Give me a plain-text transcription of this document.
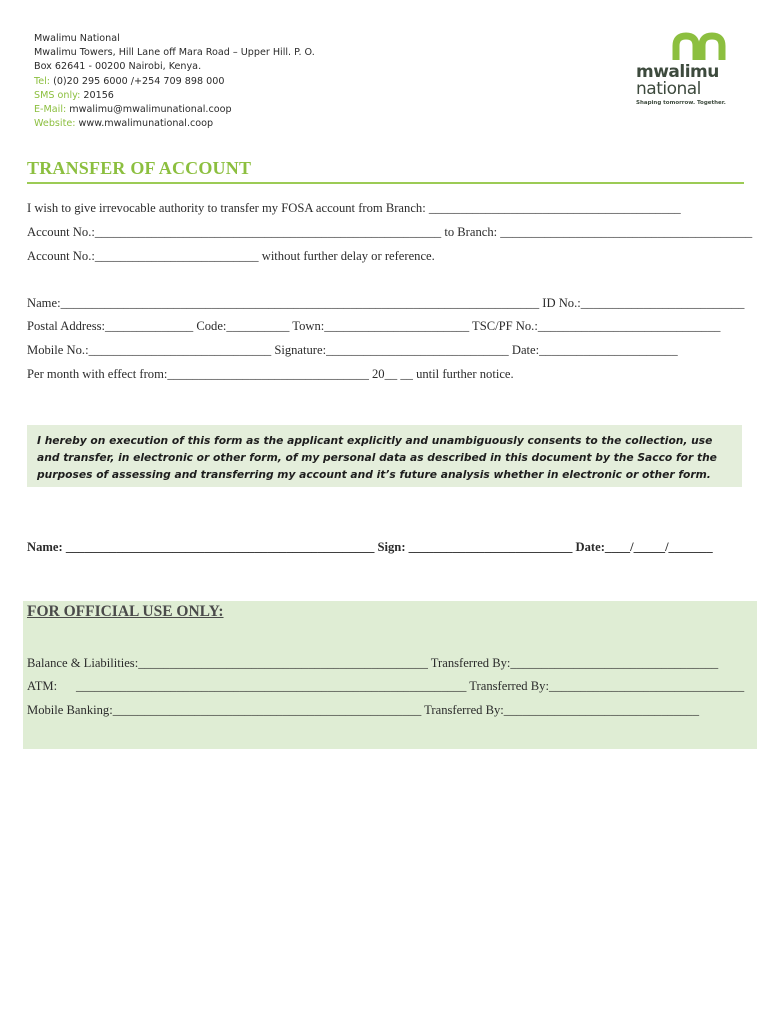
Mwalimu National
Mwalimu Towers, Hill Lane off Mara Road – Upper Hill. P. O.
Box 62641 - 00200 Nairobi, Kenya.
Tel: (0)20 295 6000 /+254 709 898 000
SMS only: 20156
E-Mail: mwalimu@mwalimunational.coop
Website: www.mwalimunational.coop
mwalimu
national
Shaping tomorrow. Together.
TRANSFER OF ACCOUNT
I wish to give irrevocable authority to transfer my FOSA account from Branch: ________________________________________
Account No.:_______________________________________________________ to Branch: ________________________________________
Account No.:__________________________ without further delay or reference.
Name:____________________________________________________________________________ ID No.:__________________________
Postal Address:______________ Code:__________ Town:_______________________ TSC/PF No.:_____________________________
Mobile No.:_____________________________ Signature:_____________________________ Date:______________________
Per month with effect from:________________________________ 20__ __ until further notice.

I hereby on execution of this form as the applicant explicitly and unambiguously consents to the collection, use and transfer, in electronic or other form, of my personal data as described in this document by the Sacco for the purposes of assessing and transferring my account and it’s future analysis whether in electronic or other form.

Name: _________________________________________________ Sign: __________________________ Date:____/_____/_______
FOR OFFICIAL USE ONLY:
Balance & Liabilities:______________________________________________ Transferred By:_________________________________
ATM:      ______________________________________________________________ Transferred By:_______________________________
Mobile Banking:_________________________________________________ Transferred By:_______________________________
